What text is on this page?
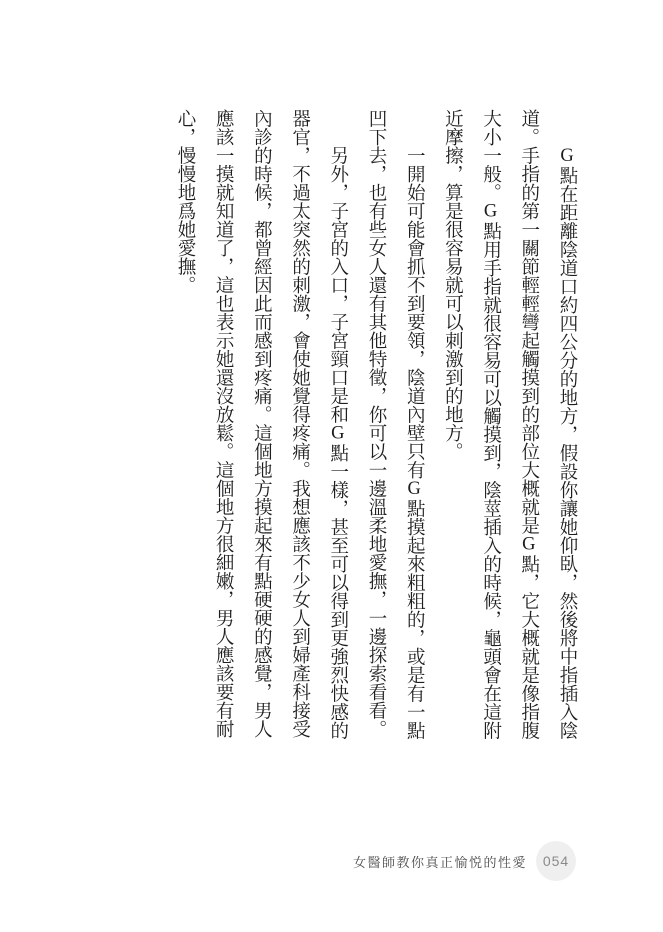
G點在距離陰道口約四公分的地方，假設你讓她仰臥，然後將中指插入陰道。手指的第一關節輕輕彎起觸摸到的部位大概就是G點，它大概就是像指腹大小一般。G點用手指就很容易可以觸摸到，陰莖插入的時候，龜頭會在這附近摩擦，算是很容易就可以刺激到的地方。

一開始可能會抓不到要領，陰道內壁只有G點摸起來粗粗的，或是有一點凹下去，也有些女人還有其他特徵，你可以一邊溫柔地愛撫，一邊探索看看。

另外，子宮的入口，子宮頸口是和G點一樣，甚至可以得到更強烈快感的器官，不過太突然的刺激，會使她覺得疼痛。我想應該不少女人到婦產科接受內診的時候，都曾經因此而感到疼痛。這個地方摸起來有點硬硬的感覺，男人應該一摸就知道了，這也表示她還沒放鬆。這個地方很細嫩，男人應該要有耐心，慢慢地爲她愛撫。

女醫師教你真正愉悦的性愛	054
